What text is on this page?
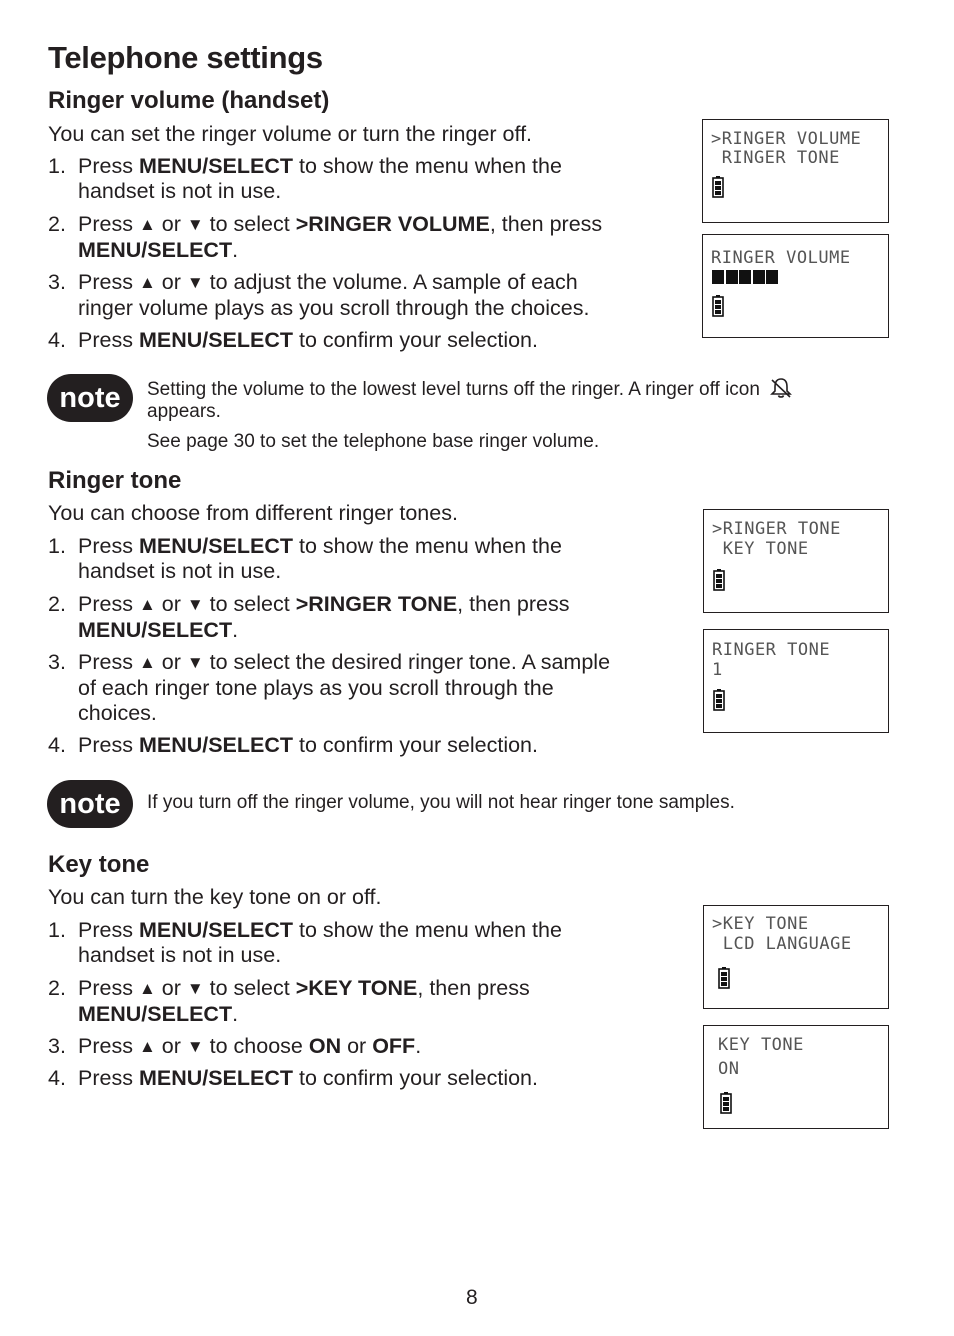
Telephone settings
Ringer volume (handset)
You can set the ringer volume or turn the ringer off.
1. Press MENU/SELECT to show the menu when the
handset is not in use.
2. Press ▲ or ▼ to select >RINGER VOLUME, then press
MENU/SELECT.
3. Press ▲ or ▼ to adjust the volume. A sample of each
ringer volume plays as you scroll through the choices.
4. Press MENU/SELECT to confirm your selection.
>RINGER VOLUME
RINGER TONE
RINGER VOLUME
note Setting the volume to the lowest level turns off the ringer. A ringer off icon
appears.
See page 30 to set the telephone base ringer volume.
Ringer tone
You can choose from different ringer tones.
1. Press MENU/SELECT to show the menu when the
handset is not in use.
2. Press ▲ or ▼ to select >RINGER TONE, then press
MENU/SELECT.
3. Press ▲ or ▼ to select the desired ringer tone. A sample
of each ringer tone plays as you scroll through the
choices.
4. Press MENU/SELECT to confirm your selection.
>RINGER TONE
KEY TONE
RINGER TONE
1
note If you turn off the ringer volume, you will not hear ringer tone samples.
Key tone
You can turn the key tone on or off.
1. Press MENU/SELECT to show the menu when the
handset is not in use.
2. Press ▲ or ▼ to select >KEY TONE, then press
MENU/SELECT.
3. Press ▲ or ▼ to choose ON or OFF.
4. Press MENU/SELECT to confirm your selection.
>KEY TONE
LCD LANGUAGE
KEY TONE
ON
8
